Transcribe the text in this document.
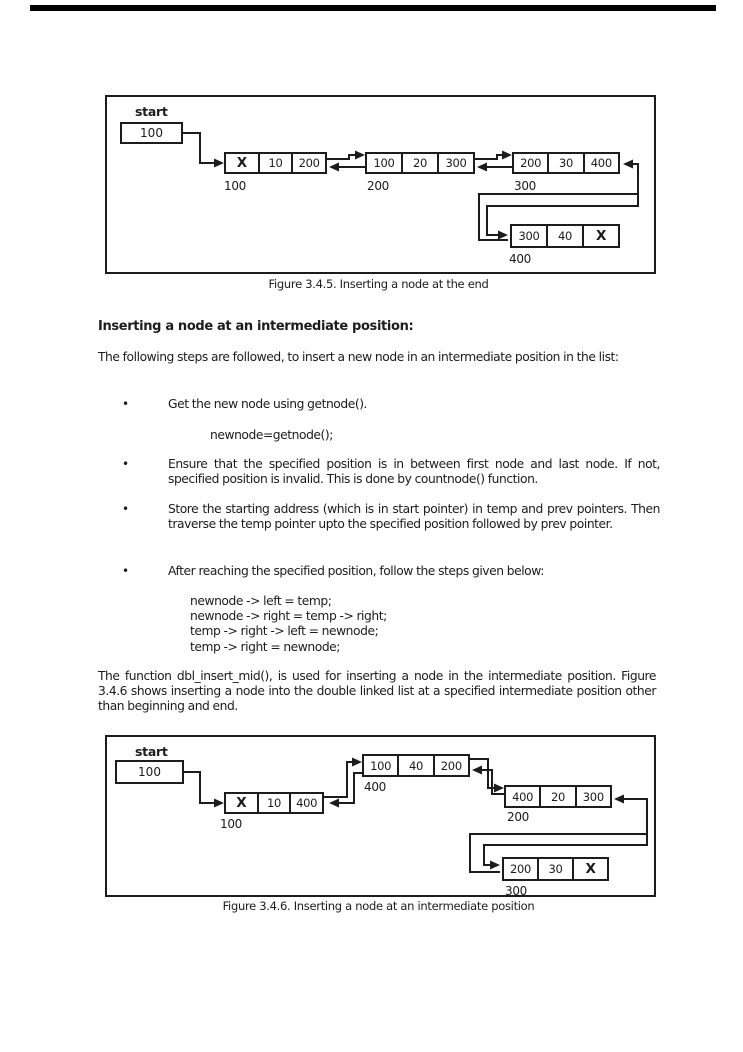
start
100
X	10	200
100
100	20	300
200
200	30	400
300
300	40	X
400
Figure 3.4.5. Inserting a node at the end
Inserting a node at an intermediate position:
The following steps are followed, to insert a new node in an intermediate position in the list:
•	Get the new node using getnode().
newnode=getnode();
•	Ensure that the specified position is in between first node and last node. If not, specified position is invalid. This is done by countnode() function.
•	Store the starting address (which is in start pointer) in temp and prev pointers. Then traverse the temp pointer upto the specified position followed by prev pointer.
•	After reaching the specified position, follow the steps given below:
newnode -> left = temp;
newnode -> right = temp -> right;
temp -> right -> left = newnode;
temp -> right = newnode;
The function dbl_insert_mid(), is used for inserting a node in the intermediate position. Figure 3.4.6 shows inserting a node into the double linked list at a specified intermediate position other than beginning and end.
start
100
X	10	400
100
100	40	200
400
400	20	300
200
200	30	X
300
Figure 3.4.6. Inserting a node at an intermediate position
